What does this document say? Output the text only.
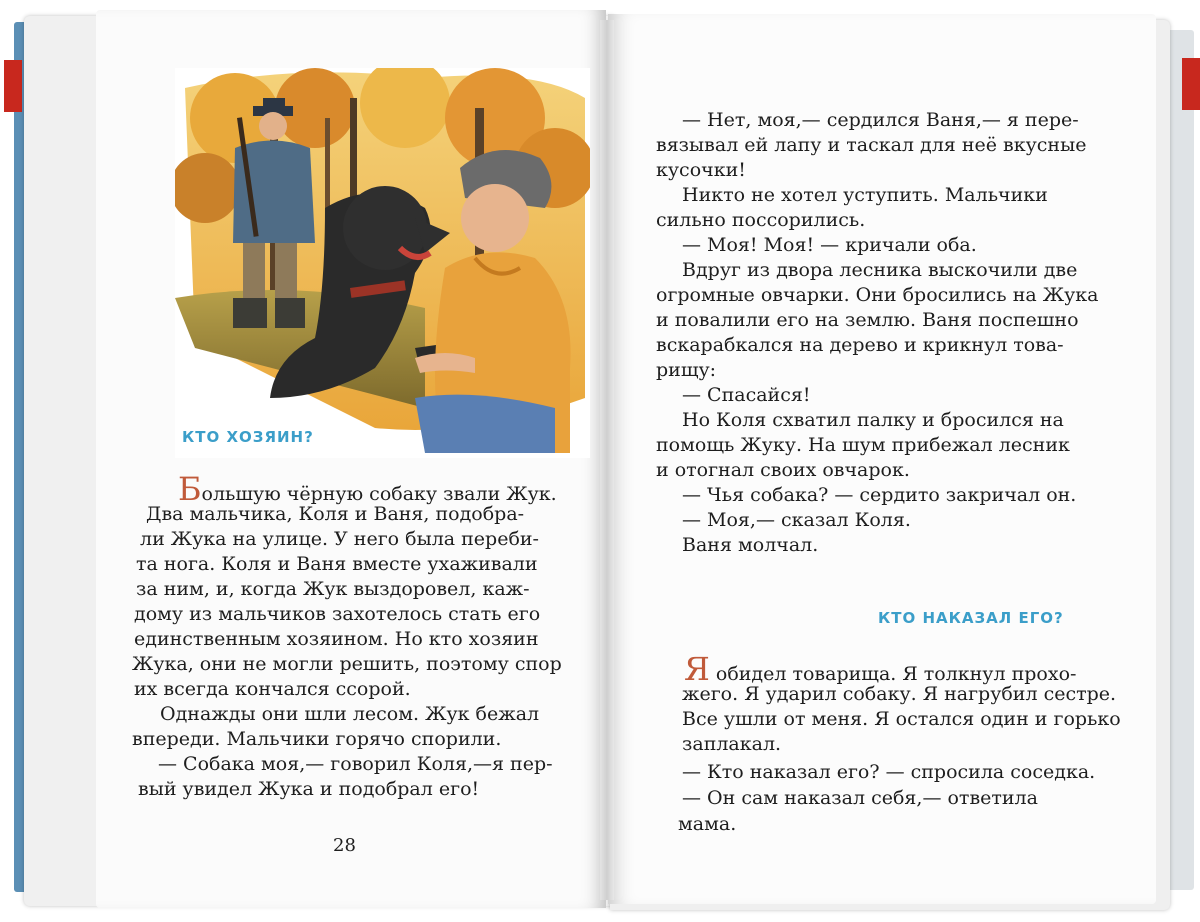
КТО ХОЗЯИН?
Большую чёрную собаку звали Жук.
Два мальчика, Коля и Ваня, подобра-
ли Жука на улице. У него была переби-
та нога. Коля и Ваня вместе ухаживали
за ним, и, когда Жук выздоровел, каж-
дому из мальчиков захотелось стать его
единственным хозяином. Но кто хозяин
Жука, они не могли решить, поэтому спор
их всегда кончался ссорой.
Однажды они шли лесом. Жук бежал
впереди. Мальчики горячо спорили.
— Собака моя,— говорил Коля,—я пер-
вый увидел Жука и подобрал его!
28
— Нет, моя,— сердился Ваня,— я пере-
вязывал ей лапу и таскал для неё вкусные
кусочки!
Никто не хотел уступить. Мальчики
сильно поссорились.
— Моя! Моя! — кричали оба.
Вдруг из двора лесника выскочили две
огромные овчарки. Они бросились на Жука
и повалили его на землю. Ваня поспешно
вскарабкался на дерево и крикнул това-
рищу:
— Спасайся!
Но Коля схватил палку и бросился на
помощь Жуку. На шум прибежал лесник
и отогнал своих овчарок.
— Чья собака? — сердито закричал он.
— Моя,— сказал Коля.
Ваня молчал.
КТО НАКАЗАЛ ЕГО?
Я обидел товарища. Я толкнул прохо-
жего. Я ударил собаку. Я нагрубил сестре.
Все ушли от меня. Я остался один и горько
заплакал.
— Кто наказал его? — спросила соседка.
— Он сам наказал себя,— ответила
мама.
